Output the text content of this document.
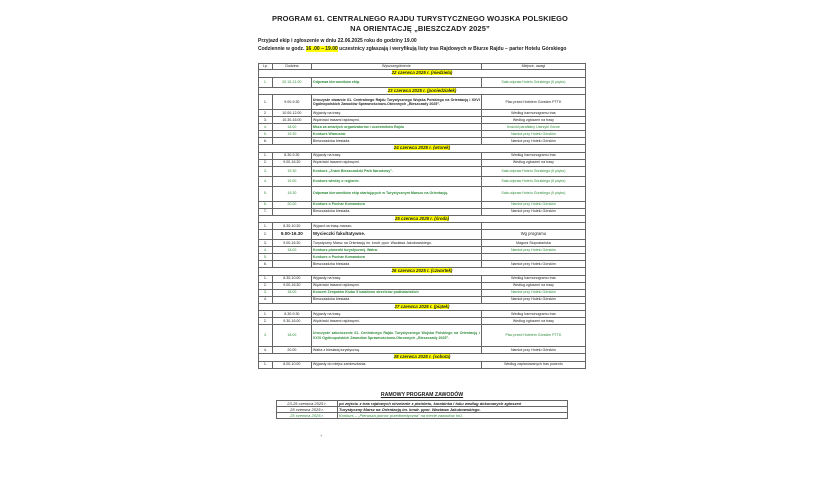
PROGRAM 61. CENTRALNEGO RAJDU TURYSTYCZNEGO WOJSKA POLSKIEGO
NA ORIENTACJĘ „BIESZCZADY 2025”
Przyjazd ekip i zgłoszenie w dniu 22.06.2025 roku do godziny 19.00
Codziennie w godz. 16 .00 – 19.00 uczestnicy zgłaszają i weryfikują listy tras Rajdowych w Biurze Rajdu – parter Hotelu Górskiego
Lp.	Godzina	Wyszczególnienie	Miejsce, uwagi
22 czerwca 2025 r. (niedziela)			
1.	20.15-21.00	Odprawa kierowników ekip.	Sala odpraw Hotelu Górskiego (II piętro)
23 czerwca 2025 r. (poniedziałek)			
1.	9.00-9.30	Uroczyste otwarcie 61. Centralnego Rajdu Turystycznego Wojska Polskiego na Orientację i XXVI Ogólnopolskich Zawodów Sprawnościowo-Obronnych „Bieszczady 2025”.	Plac przed Hotelem Górskim PTTK
2.	10.00-12.00	Wyjazdy na trasy.	Według harmonogramu tras
3.	10.30-16.00	Wędrówki trasami rajdowymi.	Według zgłoszeń na trasy
4.	18.00	Msza za zmarłych organizatorów i uczestników Rajdu	Kościół parafialny Ustrzyki Górne
5.	19.30	Konkurs Wiarusów	Namiot przy Hotelu Górskim
6.		Bieszczadzka biesiada.	Namiot przy Hotelu Górskim
24 czerwca 2025 r. (wtorek)			
1.	8.30-9.30	Wyjazdy na trasy.	Według harmonogramu tras
2.	9.00-16.30	Wędrówki trasami rajdowymi.	Według zgłoszeń na trasy
3.	19.30	Konkurs „Znam Bieszczadzki Park Narodowy”.	Sala odpraw Hotelu Górskiego (II piętro)
4.	19.00	Konkurs wiedzy o regionie.	Sala odpraw Hotelu Górskiego (II piętro)
5.	19.30	Odprawa kierowników ekip startujących w Turystycznym Marszu na Orientację.	Sala odpraw Hotelu Górskiego (II piętro)
6.	20.00	Konkurs o Puchar Komandora	Namiot przy Hotelu Górskim
7.		Bieszczadzka biesiada.	Namiot przy Hotelu Górskim
25 czerwca 2025 r. (środa)			
1.	8.30-10.30	Wyjazd na trasę marszu.	
2.	9.00-16.30	Wycieczki fakultatywne.	Wg programu
3.	9.00-16.30	Turystyczny Marsz na Orientację im. kmdr. ppor. Wacława Jakubowskiego.	Magura Stuposiańska
4.	18.00	Konkurs piosenki turystycznej. Watra.	Namiot przy Hotelu Górskim
5.		Konkurs o Puchar Komandora	
6.		Bieszczadzka biesiada	Namiot przy Hotelu Górskim
26 czerwca 2025 r. (czwartek)			
1.	8.30-10.00	Wyjazdy na trasy.	Według harmonogramu tras
2.	9.00-16.30	Wędrówki trasami rajdowymi.	Według zgłoszeń na trasy
3.	18.00	Koncert Zespołów Klubu 5 batalionu strzelców podhalańskich	Namiot przy Hotelu Górskim
4.		Bieszczadzka biesiada	Namiot przy Hotelu Górskim
27 czerwca 2025 r. (piątek)			
1.	8.30-9.30	Wyjazdy na trasy.	Według harmonogramu tras
2.	9.30-16.00	Wędrówki trasami rajdowymi.	Według zgłoszeń na trasy
3.	18.00	Uroczyste zakończenie 61. Centralnego Rajdu Turystycznego Wojska Polskiego na Orientację i XXVI Ogólnopolskich Zawodów Sprawnościowo-Obronnych „Bieszczady 2025”.	Plac przed Hotelem Górskim PTTK
4.	20.00	Watra z biesiadą turystyczną.	Namiot przy Hotelu Górskim
28 czerwca 2025 r. (sobota)			
1.	8.00-10.00	Wyjazdy do miejsc zamieszkania.	Według zaplanowanych tras powrotu
RAMOWY PROGRAM ZAWODÓW
23-25 czerwca 2025 r.	po zejściu z tras rajdowych strzelanie z pistoletu, karabinka i łuku według dokonanych zgłoszeń
25 czerwca 2025 r.	Turystyczny Marsz na Orientację im. kmdr. ppor. Wacława Jakubowskiego.
25 czerwca 2025 r.	Konkurs – „Pierwsza pomoc przedmedyczna” na mecie zawodów InO.
+
